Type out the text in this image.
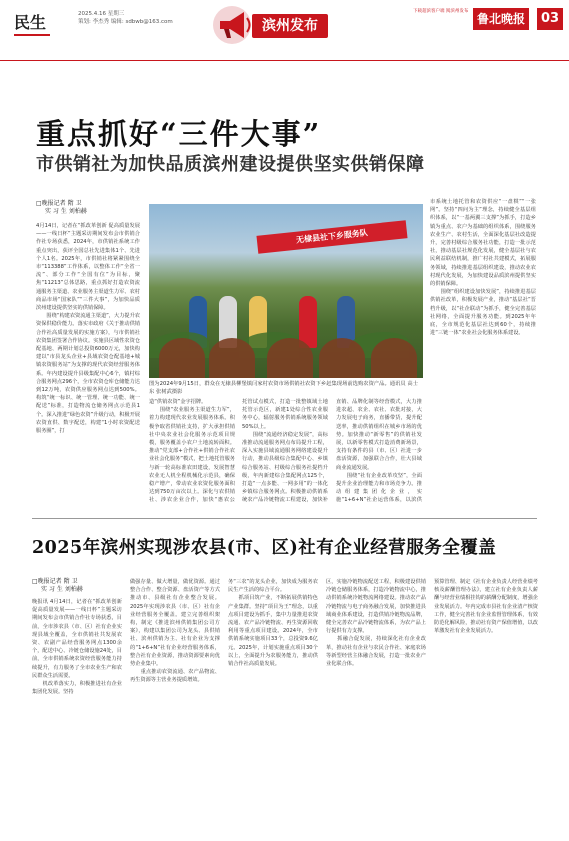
民生	2025.4.16 星期三
策划: 李杰秀 编辑: sdbwb@163.com	滨州发布
下载超滨客户端 阅滨州发布
鲁北晚报	03
重点抓好“三件大事”
市供销社为加快品质滨州建设提供坚实供销保障
□晚报记者 隋 卫
实 习 生 刘柏赫
4月14日，记者在“抓改革创新 促高质量发展——一线日杯”主题采访期间发布会市供销合作社专场获悉，2024年，市供销社系统工作重点突出，获评全国总社先进集体1个、先进个人1名。2025年，市供销社将紧紧围绕全市“113388”工作体系，以整体工作“全省一流”、部分工作“全国有位”为目标，聚焦“11213”总体思路，重点抓好打造农资流通服务主渠道、农业服务主渠道生力军、农村商品市场“国家队”“三件大事”，为加快品质滨州建设提供坚实的供销保障。
　　围绕“构建农资流通主渠道”，大力提升农资保供稳价能力。落实市政府《关于推动供销合作社高质量发展的实施方案》，与市供销社农资集团签署合作协议。实施县区域性农资仓配基地、两期计划总投资6000万元，加快构建以“市县龙头企业+县域农资仓配基地+城镇农资服务站”为支撑的现代农资经营服务体系。年内建设提升县级集配中心6个，镇村综合服务网点296个，全市农资仓库仓储能力达到12万吨，农资供应服务网点达到500%。构筑“统一标识、统一管理、统一功能、统一配送”标准，打造物流仓储务网点示范县1个。深入推进“绿色农资”升级行动，积极开展农资直供、数字配送，构建“1小时农资配送服务圈”，打
无棣县社下乡服务队
图为2024年9月15日，群众在无棣县柳堡镇闫家村农资市场供销社农资下乡赶集现场前选购农资产品。通讯员 高士东 张树武摄影
市系统土地托管和农资供应“一盘棋”“一张网”。坚持“四问为主”理念，持续健全基层组织体系，以“一基两翼三支撑”为抓手，打造乡镇为重点、农户为基础的组织体系，围绕服务农业生产、农村生活，全面深化基层社改造提升，完善村级综合服务社功能，打造一批示范社，推动基层社规范化发展，健全基层社与农民利益联结机制，推广村社共建模式，拓展服务领域，持续推进基层组织建设，推动农业农村现代化发展，为加快建设品质滨州提供坚实的供销保障。
　　围绕“组织建设加快发展”，持续推进基层供销社改革，积极发展产业，推动“基层社”晋档升级，以“社企联动”为抓手，健全完善基层社网络，全面提升服务功能。到2025年年底，全市规范化基层社达到60个，持续推进“三链一体”农业社会化服务体系建设。
造“供销农资”金字招牌。
　　围绕“农业服务主渠道生力军”，着力构建现代农业发展服务体系。积极争取省供销社支持，扩大承担供销社中央农业社会化服务示范项目规模，服务覆盖小农户土地流转面积。推动“党支部+合作社+供销合作社农业社会化服务”模式，把土地托管服务与新一轮高标准农田建设，发展智慧农业无人机全程机械化示范县，确保稳产增产，带动农业农资化服务面积达到750万亩次以上。深化与农供销社、涉农企业合作，加快“惠农公
托管试点模式，打造一批整镇域土地托管示范区，新建1处综合性农业服务中心，辐射服务供销系统服务领域50%以上。
　　围绕“流通经济稳定发展”，高标准推动流通服务网点布局提升工程，深入实施县域流通服务网络建设提升行动，推动县级综合集配中心、乡镇综合服务站、村级综合服务社提档升级，年内新建综合集配网点125个，打造“一点多能、一网多用”的一体化乡镇综合服务网点。积极推动供销系统农产品冷链物流工程建设，加快补
直销、品牌化制等经营模式，大力推进农超、农企、农社、农批对接，大力发展电子商务，直播带货，提升配送率，推动供销组织在城乡市场的优势。加快推动“新零售”的供销社发展，以新零售模式打造消费新场景，支持有条件的县（市、区）社进一步盘活资源，加强联合合作，壮大县域商业流通发展。
　　围绕“社有企业改革攻坚”，全面提升企业治理能力和市场竞争力。推动组建集团化企业，实施“1+6+N”社企运营体系，以滨供
2025年滨州实现涉农县(市、区)社有企业经营服务全覆盖
□晚报记者 隋 卫
实 习 生 刘柏赫
晚报讯 4月14日，记者在“抓改革创新 促高质量发展——一线日杯”主题采访期间发布会市供销合作社专场获悉，目前，全市涉农县（市、区）社有企业实现县域全覆盖，全市供销社共发展农资、农副产品经营服务网点1300余个，配送中心、冷链仓储设施24处，目前，全市供销系统农资经营服务能力持续提升，有力服务了全市农业生产和农民群众生活需要。
　　机改革落实力，积极推进社有企业集团化发展。坚持
做强存量、做大增量，做优资源。通过整合合作、整合资源、盘活资产等方式推动市、县级社有企业整合发展。2025年实现涉农县（市、区）社有企业经营服务全覆盖。建立完善组织架构，制定《推进滨州供销集团公司方案》，构建以集团公司为龙头、县供销社、滨州供销为主、社有企业为支撑的“1+6+N”社有企业经营服务体系，整合社有企业资源，推动资源要素向优势企业集中。
　　重点推动农资流通、农产品物流、再生资源等主营业务提质增效。
务“三农”的龙头企业，加快成为服务农民生产生活的综合平台。
　　抓项目筑产业，不断拓展供销特色产业集群。坚持“项目为王”理念，以重点项目建设为抓手，集中力量推进农资流通、农产品冷链物流、再生资源回收利用等重点项目建设。2024年，全市供销系统实施项目33个，总投资9.6亿元。2025年，计划实施重点项目30个以上，全面提升为农服务能力，推动供销合作社高质量发展。
区，实施冷链物流配送工程，积极建设供销冷链仓储服务体系，打造冷链物流中心，推动供销系统冷链物流网络建设。推动农产品冷链物流与电子商务融合发展，加快推进县域商业体系建设，打造供销冷链物流品牌，健全完善农产品冷链物流体系，为农产品上行提供有力支撑。
　　抓融合促发展，持续深化社有企业改革，推动社有企业与农民合作社、家庭农场等新型经营主体融合发展，打造一批农业产业化联合体。
预算管理、制定《社有企业负责人经营业绩考核及薪酬管理办法》，建立社有企业负责人薪酬与经营业绩相挂钩的薪酬分配制度，增强企业发展活力。年内完成市县社有企业清产核资工作，健全完善社有企业监督管理体系，有效防范化解风险，推动社有资产保值增值，以改革激发社有企业发展活力。
